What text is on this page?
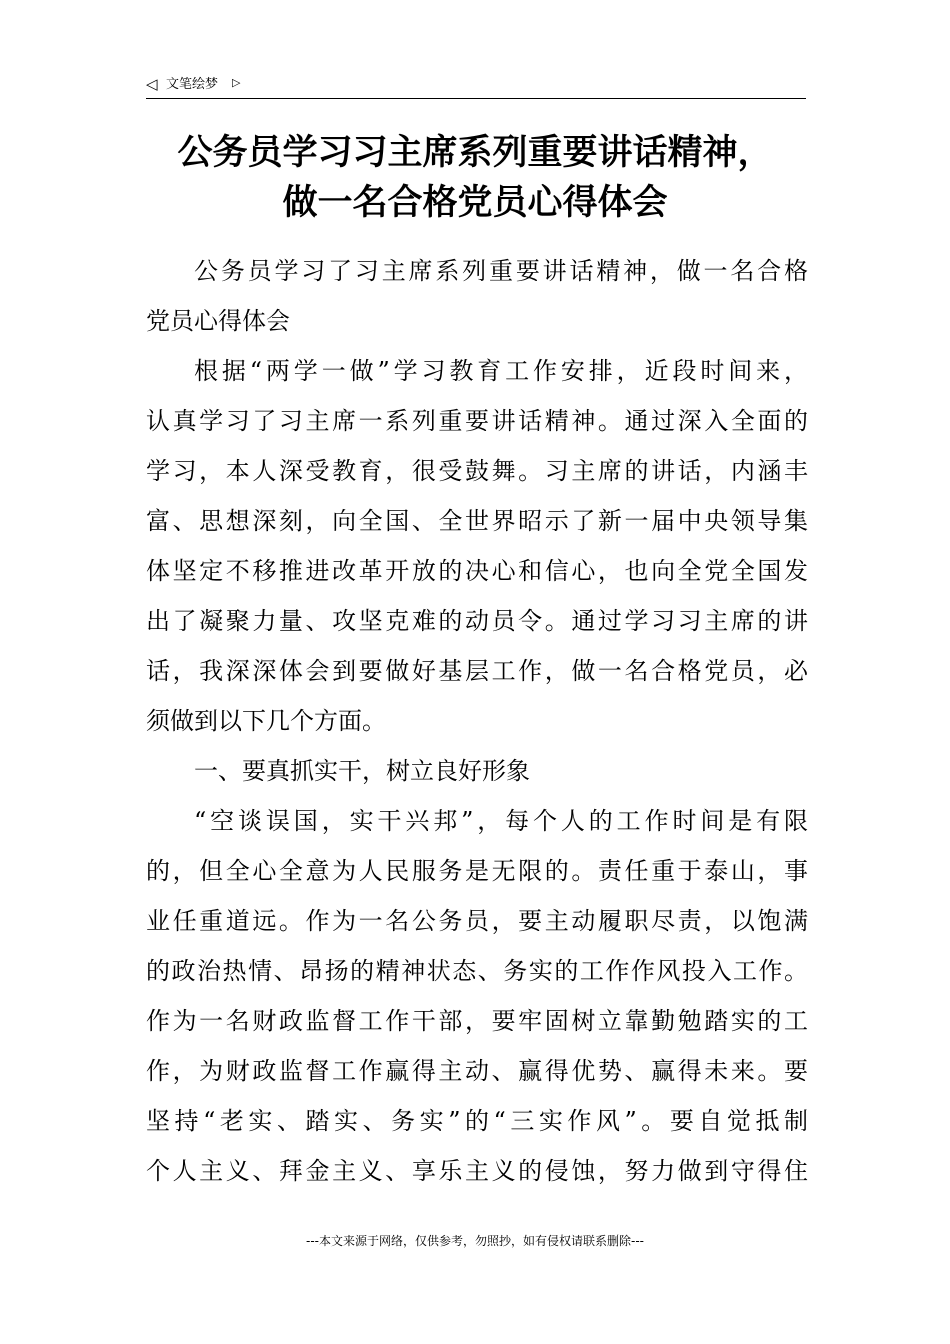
◁ 文笔绘梦 ▷
公务员学习习主席系列重要讲话精神，
做一名合格党员心得体会
公务员学习了习主席系列重要讲话精神，做一名合格
党员心得体会
根据“两学一做”学习教育工作安排，近段时间来，
认真学习了习主席一系列重要讲话精神。通过深入全面的
学习，本人深受教育，很受鼓舞。习主席的讲话，内涵丰
富、思想深刻，向全国、全世界昭示了新一届中央领导集
体坚定不移推进改革开放的决心和信心，也向全党全国发
出了凝聚力量、攻坚克难的动员令。通过学习习主席的讲
话，我深深体会到要做好基层工作，做一名合格党员，必
须做到以下几个方面。
一、要真抓实干，树立良好形象
“空谈误国，实干兴邦”，每个人的工作时间是有限
的，但全心全意为人民服务是无限的。责任重于泰山，事
业任重道远。作为一名公务员，要主动履职尽责，以饱满
的政治热情、昂扬的精神状态、务实的工作作风投入工作。
作为一名财政监督工作干部，要牢固树立靠勤勉踏实的工
作，为财政监督工作赢得主动、赢得优势、赢得未来。要
坚持“老实、踏实、务实”的“三实作风”。要自觉抵制
个人主义、拜金主义、享乐主义的侵蚀，努力做到守得住
---本文来源于网络，仅供参考，勿照抄，如有侵权请联系删除---
